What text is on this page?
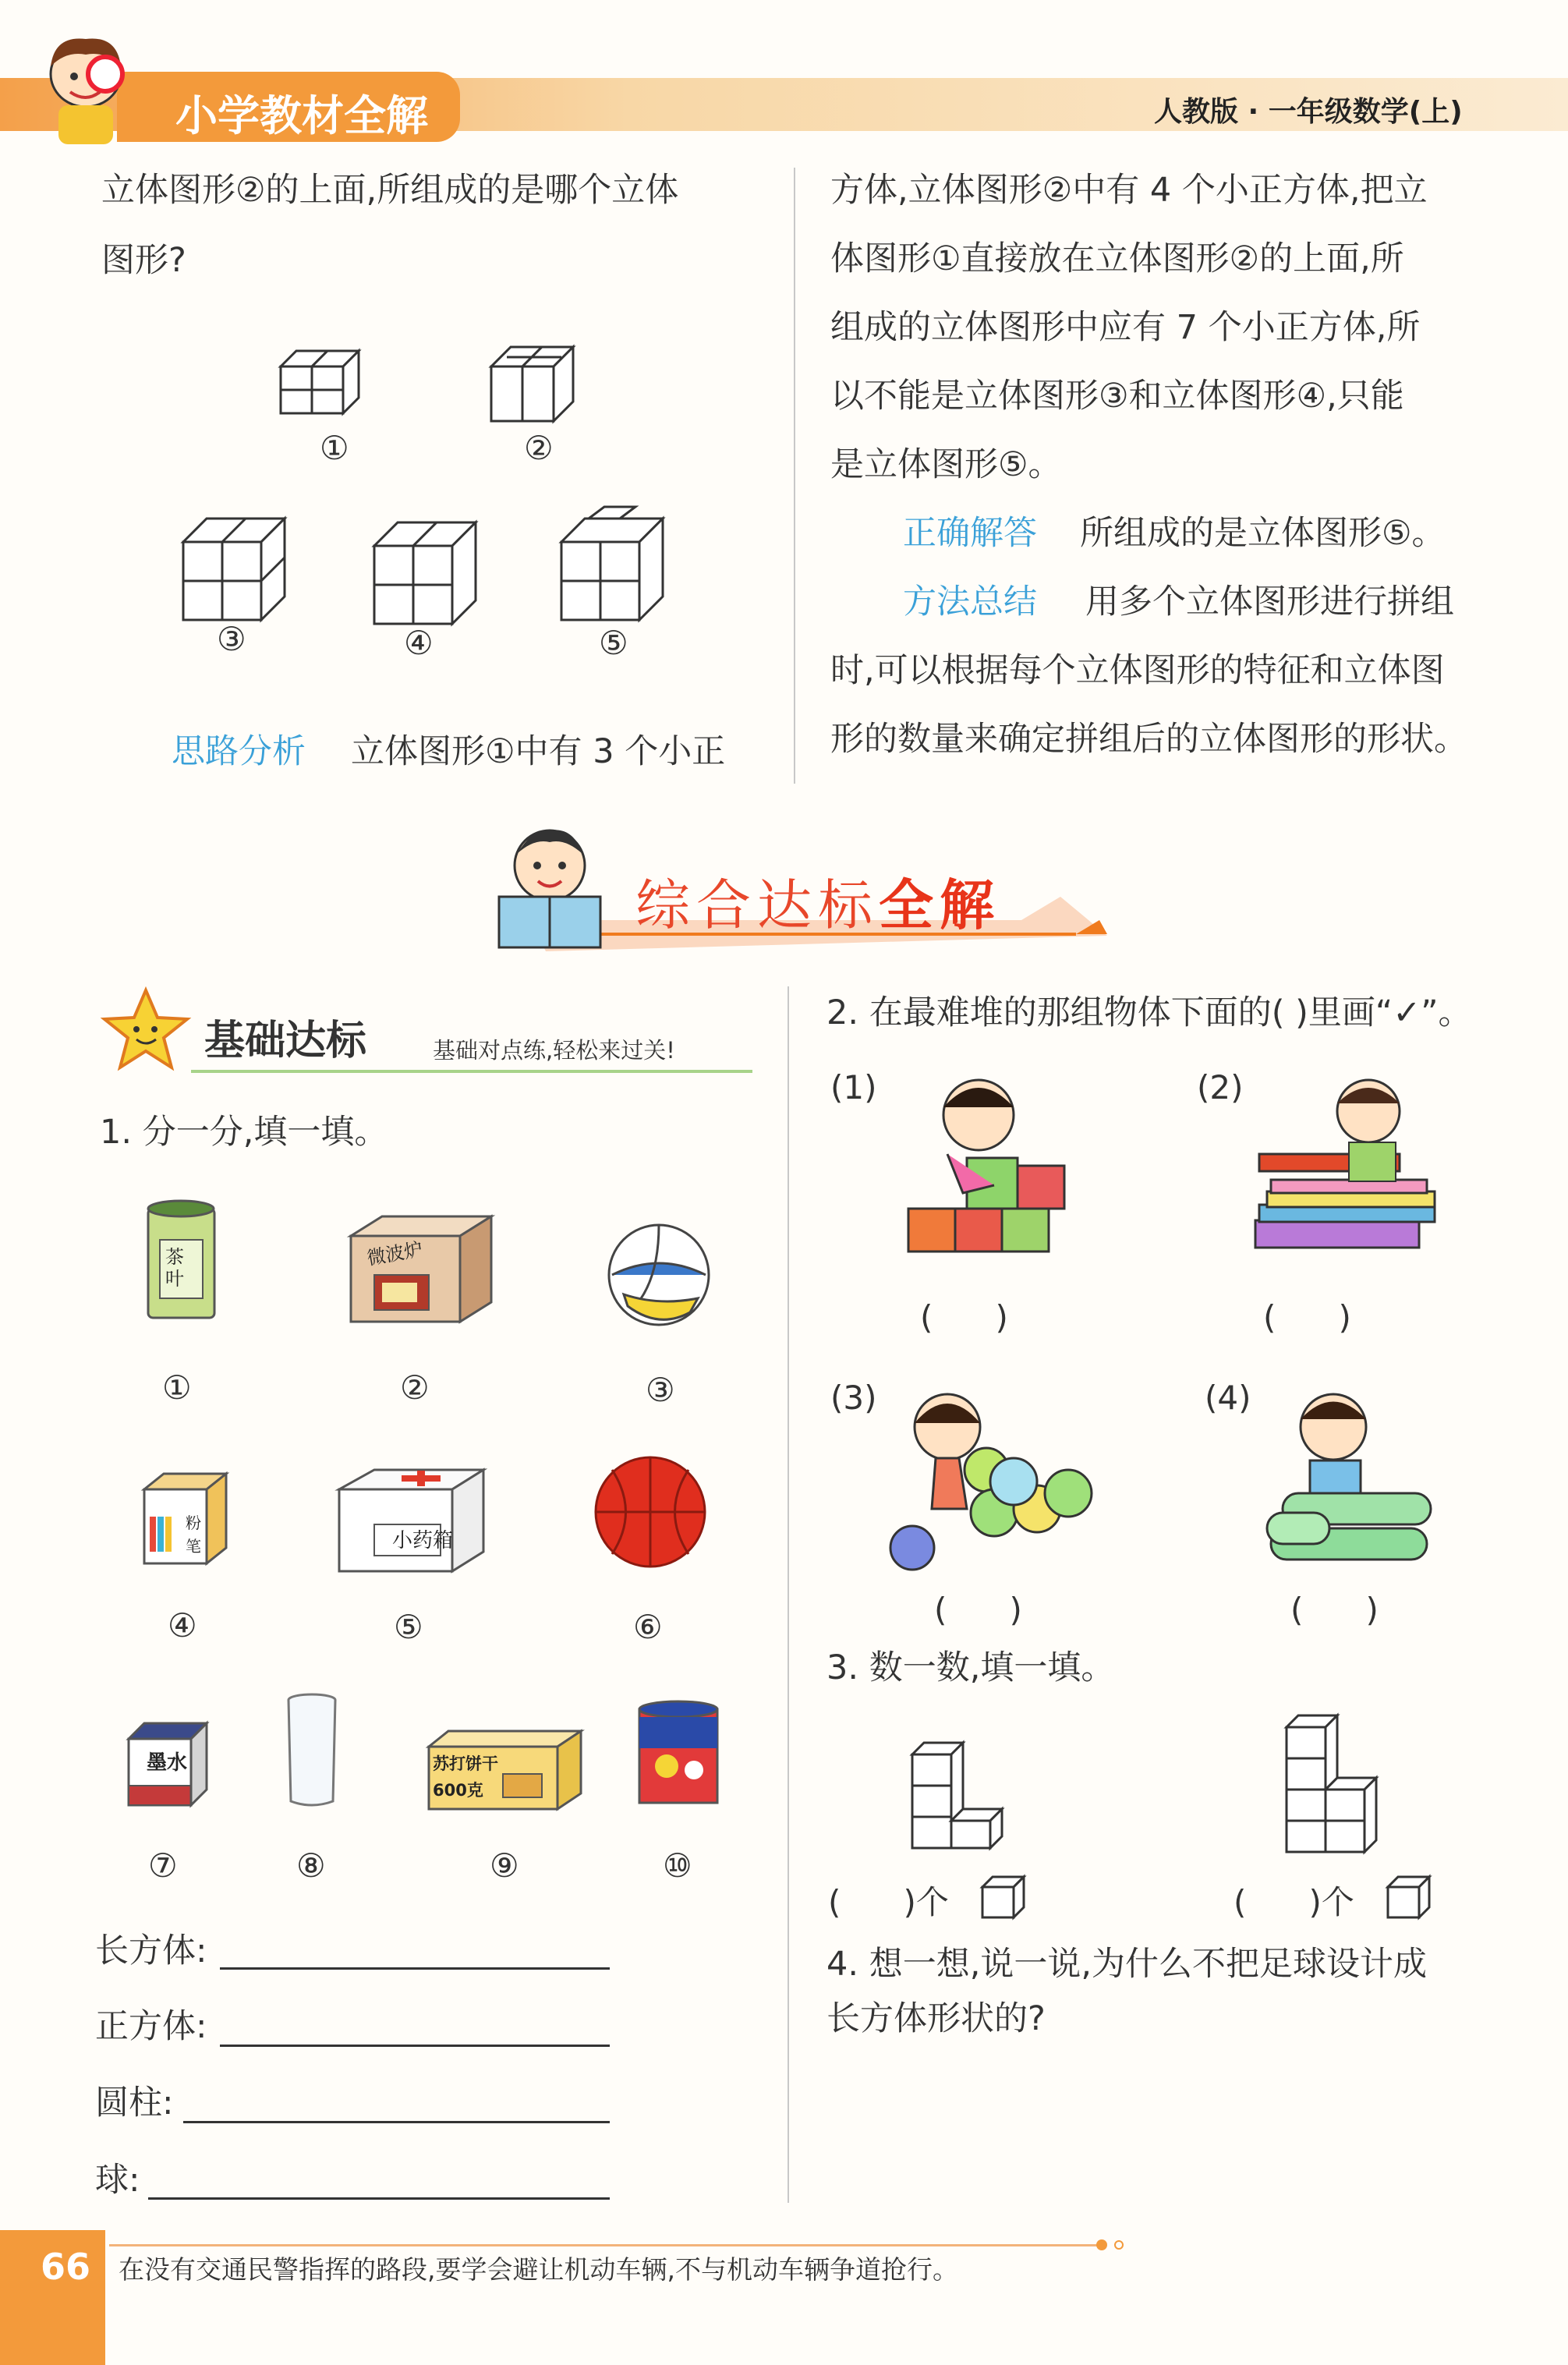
小学教材全解	人教版 · 一年级数学(上)
立体图形②的上面,所组成的是哪个立体
图形?
①	②
③	④	⑤
思路分析 立体图形①中有 3 个小正
方体,立体图形②中有 4 个小正方体,把立
体图形①直接放在立体图形②的上面,所
组成的立体图形中应有 7 个小正方体,所
以不能是立体图形③和立体图形④,只能
是立体图形⑤。
正确解答 所组成的是立体图形⑤。
方法总结 用多个立体图形进行拼组
时,可以根据每个立体图形的特征和立体图
形的数量来确定拼组后的立体图形的形状。
综合达标全解
基础达标	基础对点练,轻松来过关!
1. 分一分,填一填。
茶叶
微波炉
①	②	③
粉笔	小药箱
④	⑤	⑥
墨水	苏打饼干 600克
⑦	⑧	⑨	⑩
长方体:
正方体:
圆柱:
球:
2. 在最难堆的那组物体下面的( )里画“✓”。
(1)
(      )
(2)
(      )
(3)
(      )
(4)
(      )
3. 数一数,填一填。
(      )个	(      )个
4. 想一想,说一说,为什么不把足球设计成
长方体形状的?
66 在没有交通民警指挥的路段,要学会避让机动车辆,不与机动车辆争道抢行。
